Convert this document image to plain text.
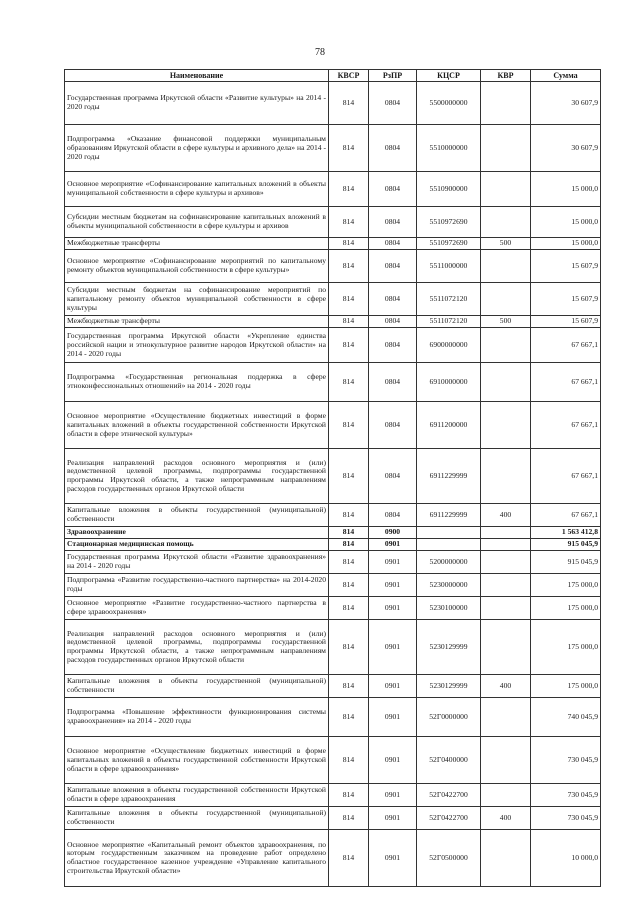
78
Наименование	КВСР	РзПР	КЦСР	КВР	Сумма
Государственная программа Иркутской области «Развитие культуры» на 2014 - 2020 годы	814	0804	5500000000		30 607,9
Подпрограмма «Оказание финансовой поддержки муниципальным образованиям Иркутской области в сфере культуры и архивного дела» на 2014 - 2020 годы	814	0804	5510000000		30 607,9
Основное мероприятие «Софинансирование капитальных вложений в объекты муниципальной собственности в сфере культуры и архивов»	814	0804	5510900000		15 000,0
Субсидии местным бюджетам на софинансирование капитальных вложений в объекты муниципальной собственности в сфере культуры и архивов	814	0804	5510972690		15 000,0
Межбюджетные трансферты	814	0804	5510972690	500	15 000,0
Основное мероприятие «Софинансирование мероприятий по капитальному ремонту объектов муниципальной собственности в сфере культуры»	814	0804	5511000000		15 607,9
Субсидии местным бюджетам на софинансирование мероприятий по капитальному ремонту объектов муниципальной собственности в сфере культуры	814	0804	5511072120		15 607,9
Межбюджетные трансферты	814	0804	5511072120	500	15 607,9
Государственная программа Иркутской области «Укрепление единства российской нации и этнокультурное развитие народов Иркутской области» на 2014 - 2020 годы	814	0804	6900000000		67 667,1
Подпрограмма «Государственная региональная поддержка в сфере этноконфессиональных отношений» на 2014 - 2020 годы	814	0804	6910000000		67 667,1
Основное мероприятие «Осуществление бюджетных инвестиций в форме капитальных вложений в объекты государственной собственности Иркутской области в сфере этнической культуры»	814	0804	6911200000		67 667,1
Реализация направлений расходов основного мероприятия и (или) ведомственной целевой программы, подпрограммы государственной программы Иркутской области, а также непрограммным направлениям расходов государственных органов Иркутской области	814	0804	6911229999		67 667,1
Капитальные вложения в объекты государственной (муниципальной) собственности	814	0804	6911229999	400	67 667,1
Здравоохранение	814	0900			1 563 412,8
Стационарная медицинская помощь	814	0901			915 045,9
Государственная программа Иркутской области «Развитие здравоохранения» на 2014 - 2020 годы	814	0901	5200000000		915 045,9
Подпрограмма «Развитие государственно-частного партнерства» на 2014-2020 годы	814	0901	5230000000		175 000,0
Основное мероприятие «Развитие государственно-частного партнерства в сфере здравоохранения»	814	0901	5230100000		175 000,0
Реализация направлений расходов основного мероприятия и (или) ведомственной целевой программы, подпрограммы государственной программы Иркутской области, а также непрограммным направлениям расходов государственных органов Иркутской области	814	0901	5230129999		175 000,0
Капитальные вложения в объекты государственной (муниципальной) собственности	814	0901	5230129999	400	175 000,0
Подпрограмма «Повышение эффективности функционирования системы здравоохранения» на 2014 - 2020 годы	814	0901	52Г0000000		740 045,9
Основное мероприятие «Осуществление бюджетных инвестиций в форме капитальных вложений в объекты государственной собственности Иркутской области в сфере здравоохранения»	814	0901	52Г0400000		730 045,9
Капитальные вложения в объекты государственной собственности Иркутской области в сфере здравоохранения	814	0901	52Г0422700		730 045,9
Капитальные вложения в объекты государственной (муниципальной) собственности	814	0901	52Г0422700	400	730 045,9
Основное мероприятие «Капитальный ремонт объектов здравоохранения, по которым государственным заказчиком на проведение работ определено областное государственное казенное учреждение «Управление капитального строительства Иркутской области»	814	0901	52Г0500000		10 000,0
